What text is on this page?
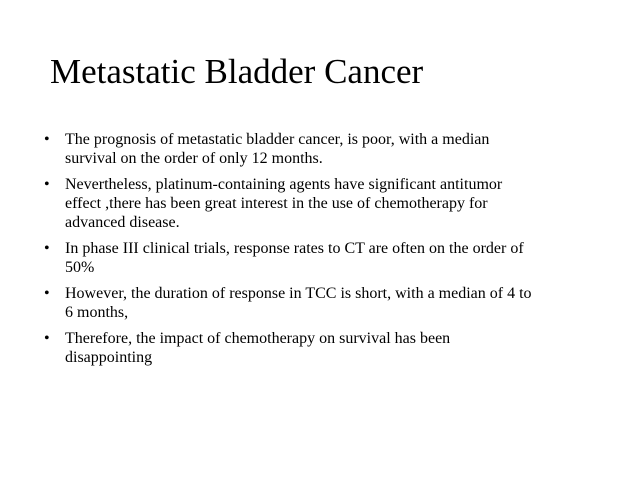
Metastatic Bladder Cancer
• The prognosis of metastatic bladder cancer, is poor, with a median
survival on the order of only 12 months.
• Nevertheless, platinum-containing agents have significant antitumor
effect ,there has been great interest in the use of chemotherapy for
advanced disease.
• In phase III clinical trials, response rates to CT are often on the order of
50%
• However, the duration of response in TCC is short, with a median of 4 to
6 months,
• Therefore, the impact of chemotherapy on survival has been
disappointing
